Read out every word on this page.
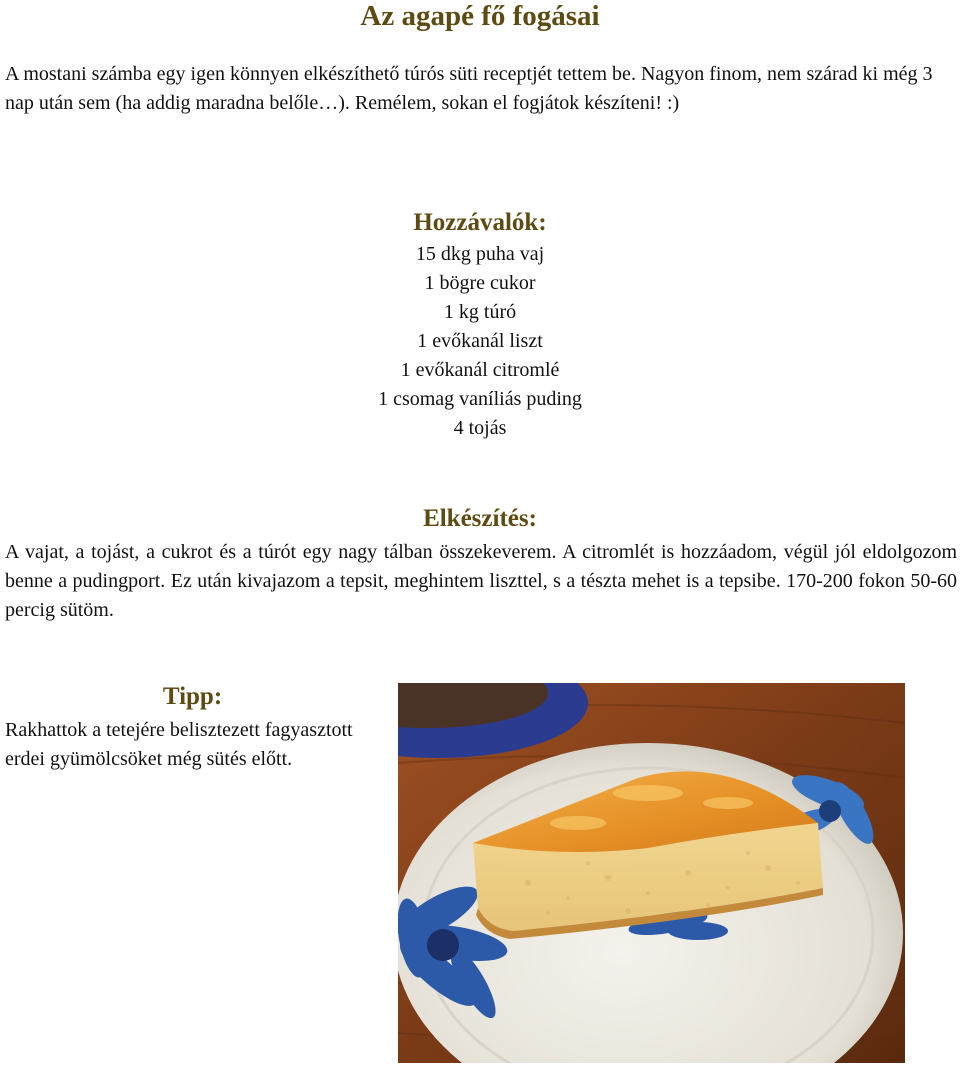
Az agapé fő fogásai

A mostani számba egy igen könnyen elkészíthető túrós süti receptjét tettem be. Nagyon finom, nem szárad ki még 3 nap után sem (ha addig maradna belőle…). Remélem, sokan el fogjátok készíteni! :)

Hozzávalók:
15 dkg puha vaj
1 bögre cukor
1 kg túró
1 evőkanál liszt
1 evőkanál citromlé
1 csomag vaníliás puding
4 tojás
Elkészítés:

A vajat, a tojást, a cukrot és a túrót egy nagy tálban összekeverem. A citromlét is hozzáadom, végül jól eldolgozom benne a pudingport. Ez után kivajazom a tepsit, meghintem liszttel, s a tészta mehet is a tepsibe. 170-200 fokon 50-60 percig sütöm.

Tipp:

Rakhattok a tetejére belisztezett fagyasztott erdei gyümölcsöket még sütés előtt.
